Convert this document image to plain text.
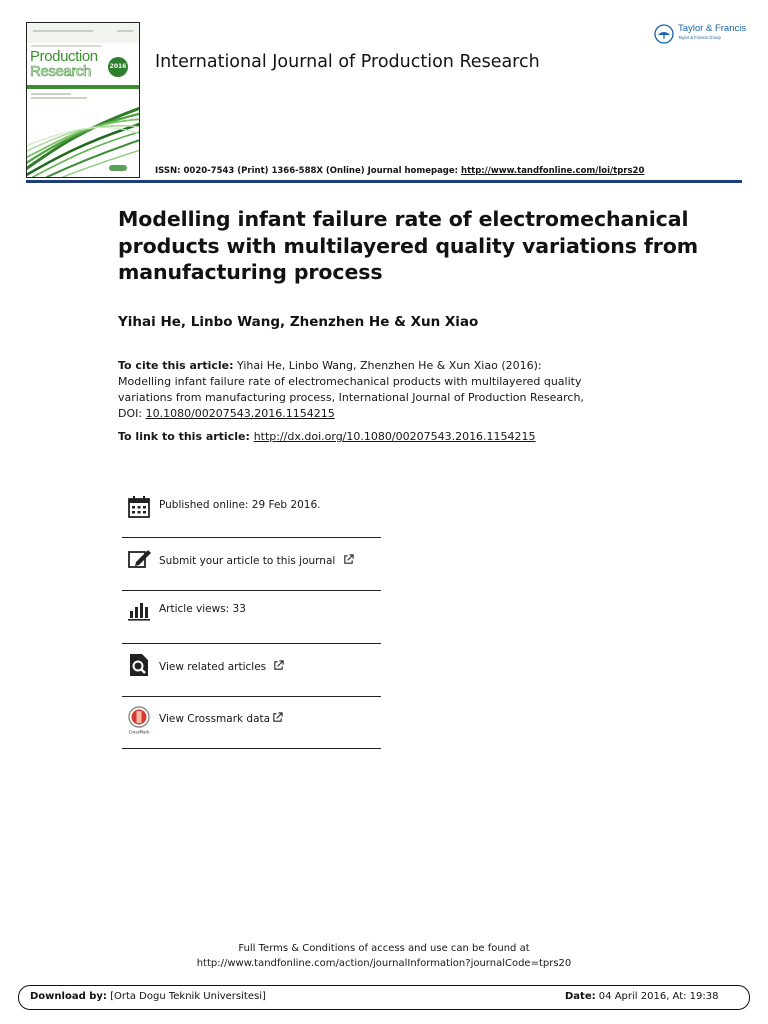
Production
Research	2016 International Journal of Production Research
Taylor & Francis
Taylor & Francis Group
ISSN: 0020-7543 (Print) 1366-588X (Online) Journal homepage: http://www.tandfonline.com/loi/tprs20
Modelling infant failure rate of electromechanical products with multilayered quality variations from manufacturing process
Yihai He, Linbo Wang, Zhenzhen He & Xun Xiao
To cite this article: Yihai He, Linbo Wang, Zhenzhen He & Xun Xiao (2016): Modelling infant failure rate of electromechanical products with multilayered quality variations from manufacturing process, International Journal of Production Research, DOI: 10.1080/00207543.2016.1154215
To link to this article: http://dx.doi.org/10.1080/00207543.2016.1154215
Published online: 29 Feb 2016.
Submit your article to this journal
Article views: 33
View related articles
CrossMark
View Crossmark data
Full Terms & Conditions of access and use can be found at
http://www.tandfonline.com/action/journalInformation?journalCode=tprs20
Download by: [Orta Dogu Teknik Universitesi]	Date: 04 April 2016, At: 19:38
